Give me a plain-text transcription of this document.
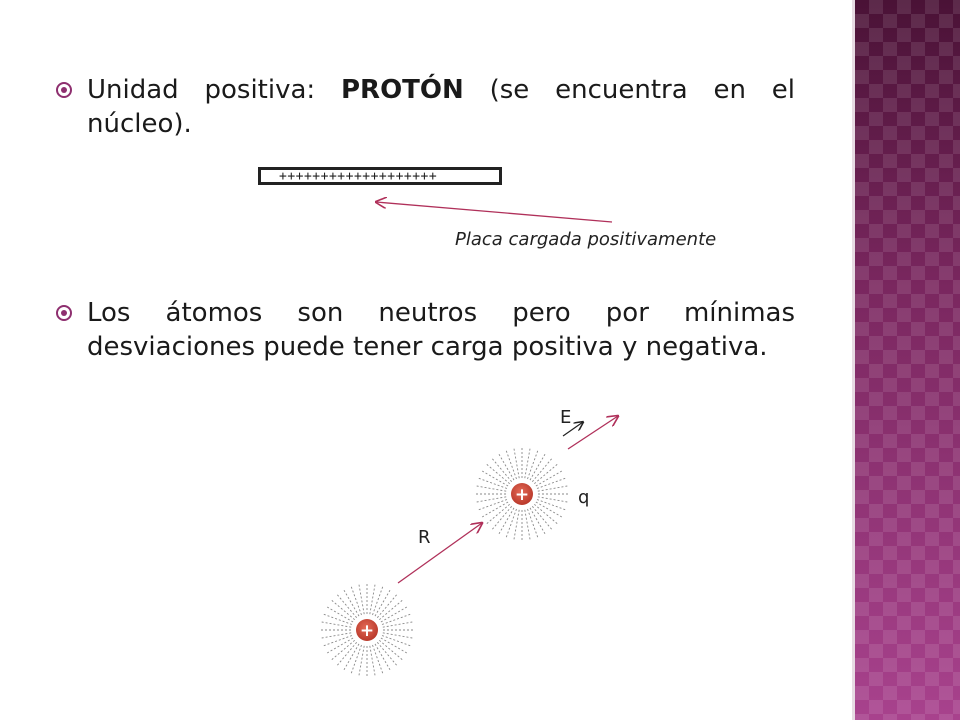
Unidad positiva: PROTÓN (se encuentra en el núcleo).
+++++++++++++++++++
Placa cargada positivamente
Los átomos son neutros pero por mínimas desviaciones puede tener carga positiva y negativa.
+
+
E
q
R
